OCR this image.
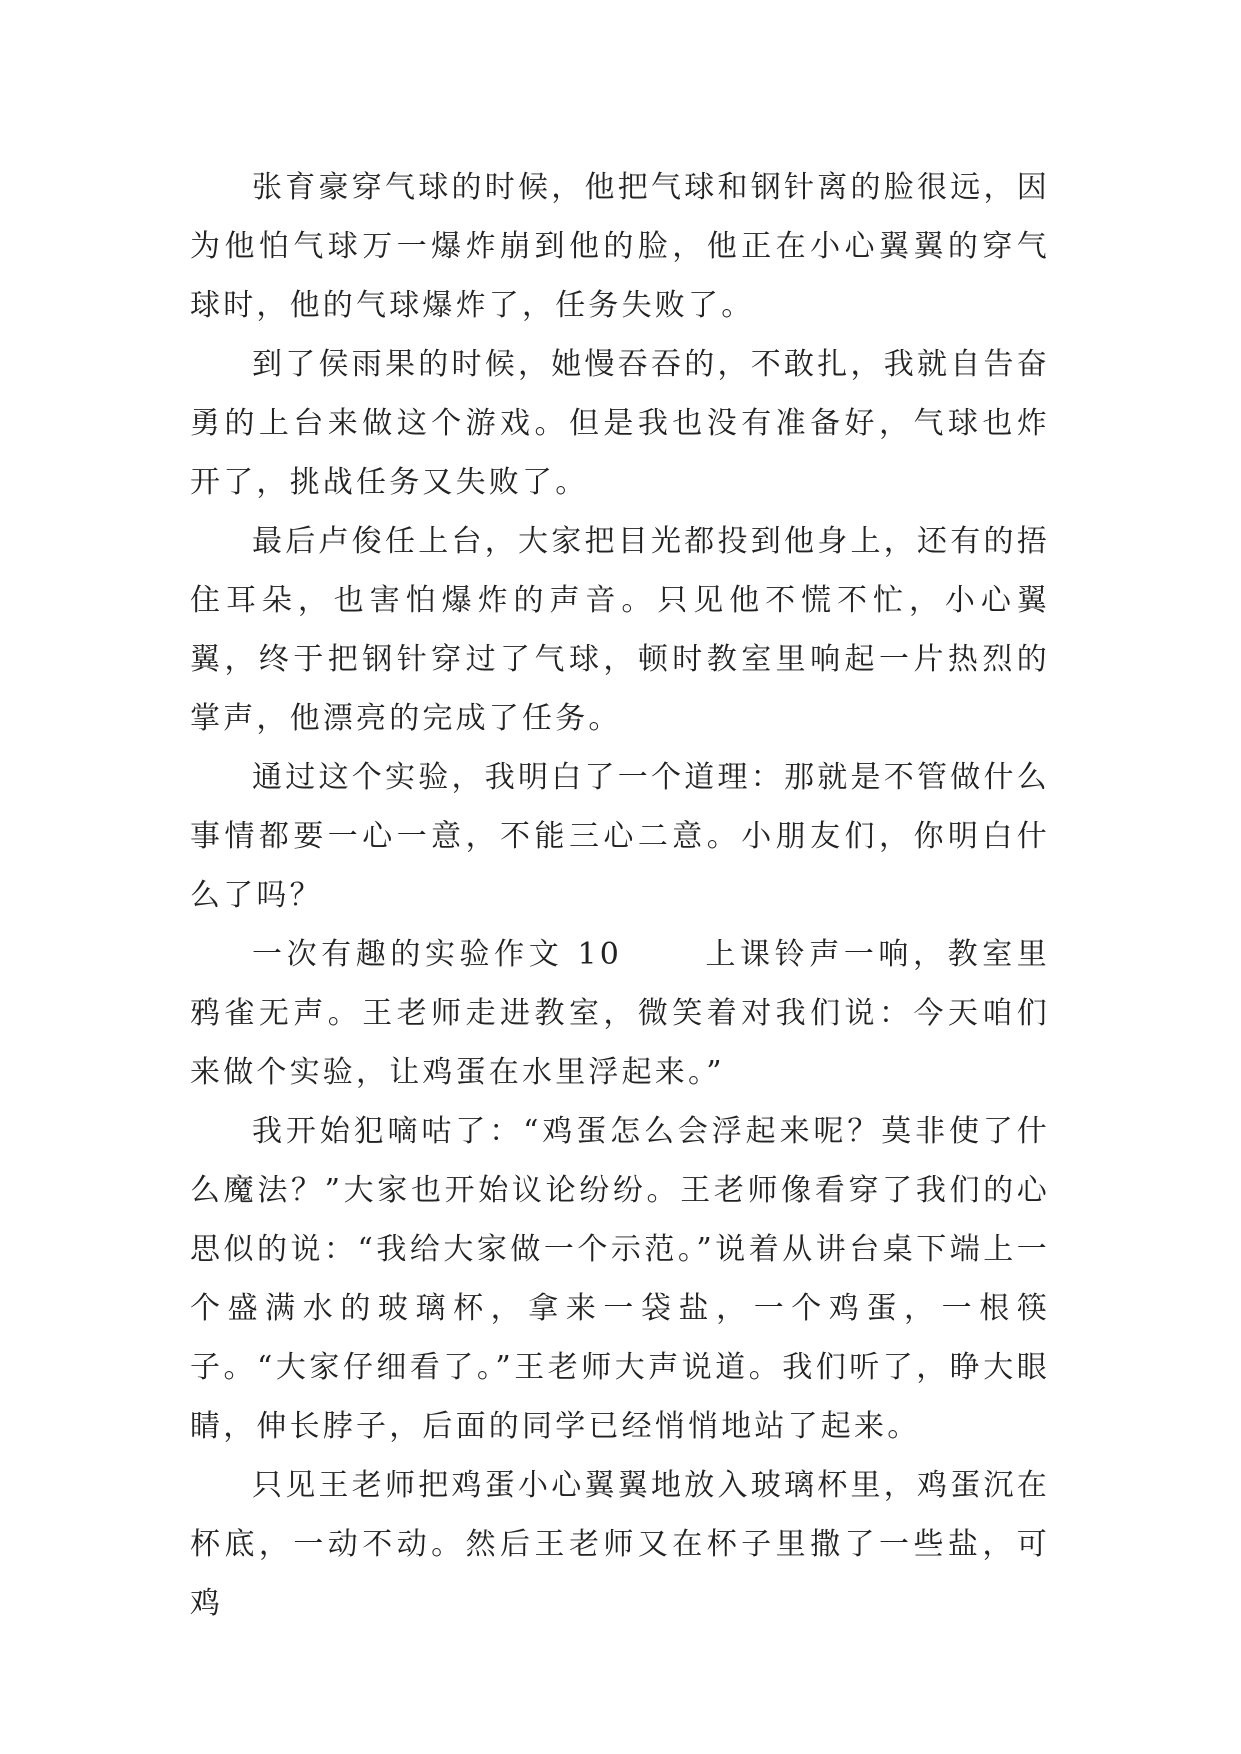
张育豪穿气球的时候，他把气球和钢针离的脸很远，因为他怕气球万一爆炸崩到他的脸，他正在小心翼翼的穿气球时，他的气球爆炸了，任务失败了。

到了侯雨果的时候，她慢吞吞的，不敢扎，我就自告奋勇的上台来做这个游戏。但是我也没有准备好，气球也炸开了，挑战任务又失败了。

最后卢俊任上台，大家把目光都投到他身上，还有的捂住耳朵，也害怕爆炸的声音。只见他不慌不忙，小心翼翼，终于把钢针穿过了气球，顿时教室里响起一片热烈的掌声，他漂亮的完成了任务。

通过这个实验，我明白了一个道理：那就是不管做什么事情都要一心一意，不能三心二意。小朋友们，你明白什么了吗？

一次有趣的实验作文 10	上课铃声一响，教室里鸦雀无声。王老师走进教室，微笑着对我们说：今天咱们来做个实验，让鸡蛋在水里浮起来。”

我开始犯嘀咕了：“鸡蛋怎么会浮起来呢？莫非使了什么魔法？”大家也开始议论纷纷。王老师像看穿了我们的心思似的说：“我给大家做一个示范。”说着从讲台桌下端上一个盛满水的玻璃杯，拿来一袋盐，一个鸡蛋，一根筷子。“大家仔细看了。”王老师大声说道。我们听了，睁大眼睛，伸长脖子，后面的同学已经悄悄地站了起来。

只见王老师把鸡蛋小心翼翼地放入玻璃杯里，鸡蛋沉在杯底，一动不动。然后王老师又在杯子里撒了一些盐，可鸡
